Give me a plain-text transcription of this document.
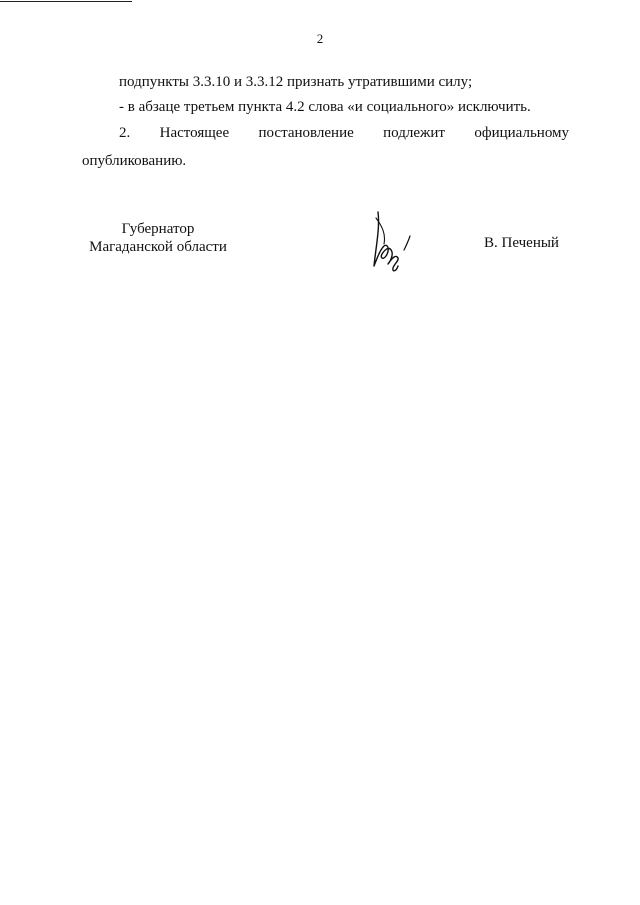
2
подпункты 3.3.10 и 3.3.12 признать утратившими силу;
- в абзаце третьем пункта 4.2 слова «и социального» исключить.
2. Настоящее постановление подлежит официальному
опубликованию.
Губернатор
Магаданской области	В. Печеный
